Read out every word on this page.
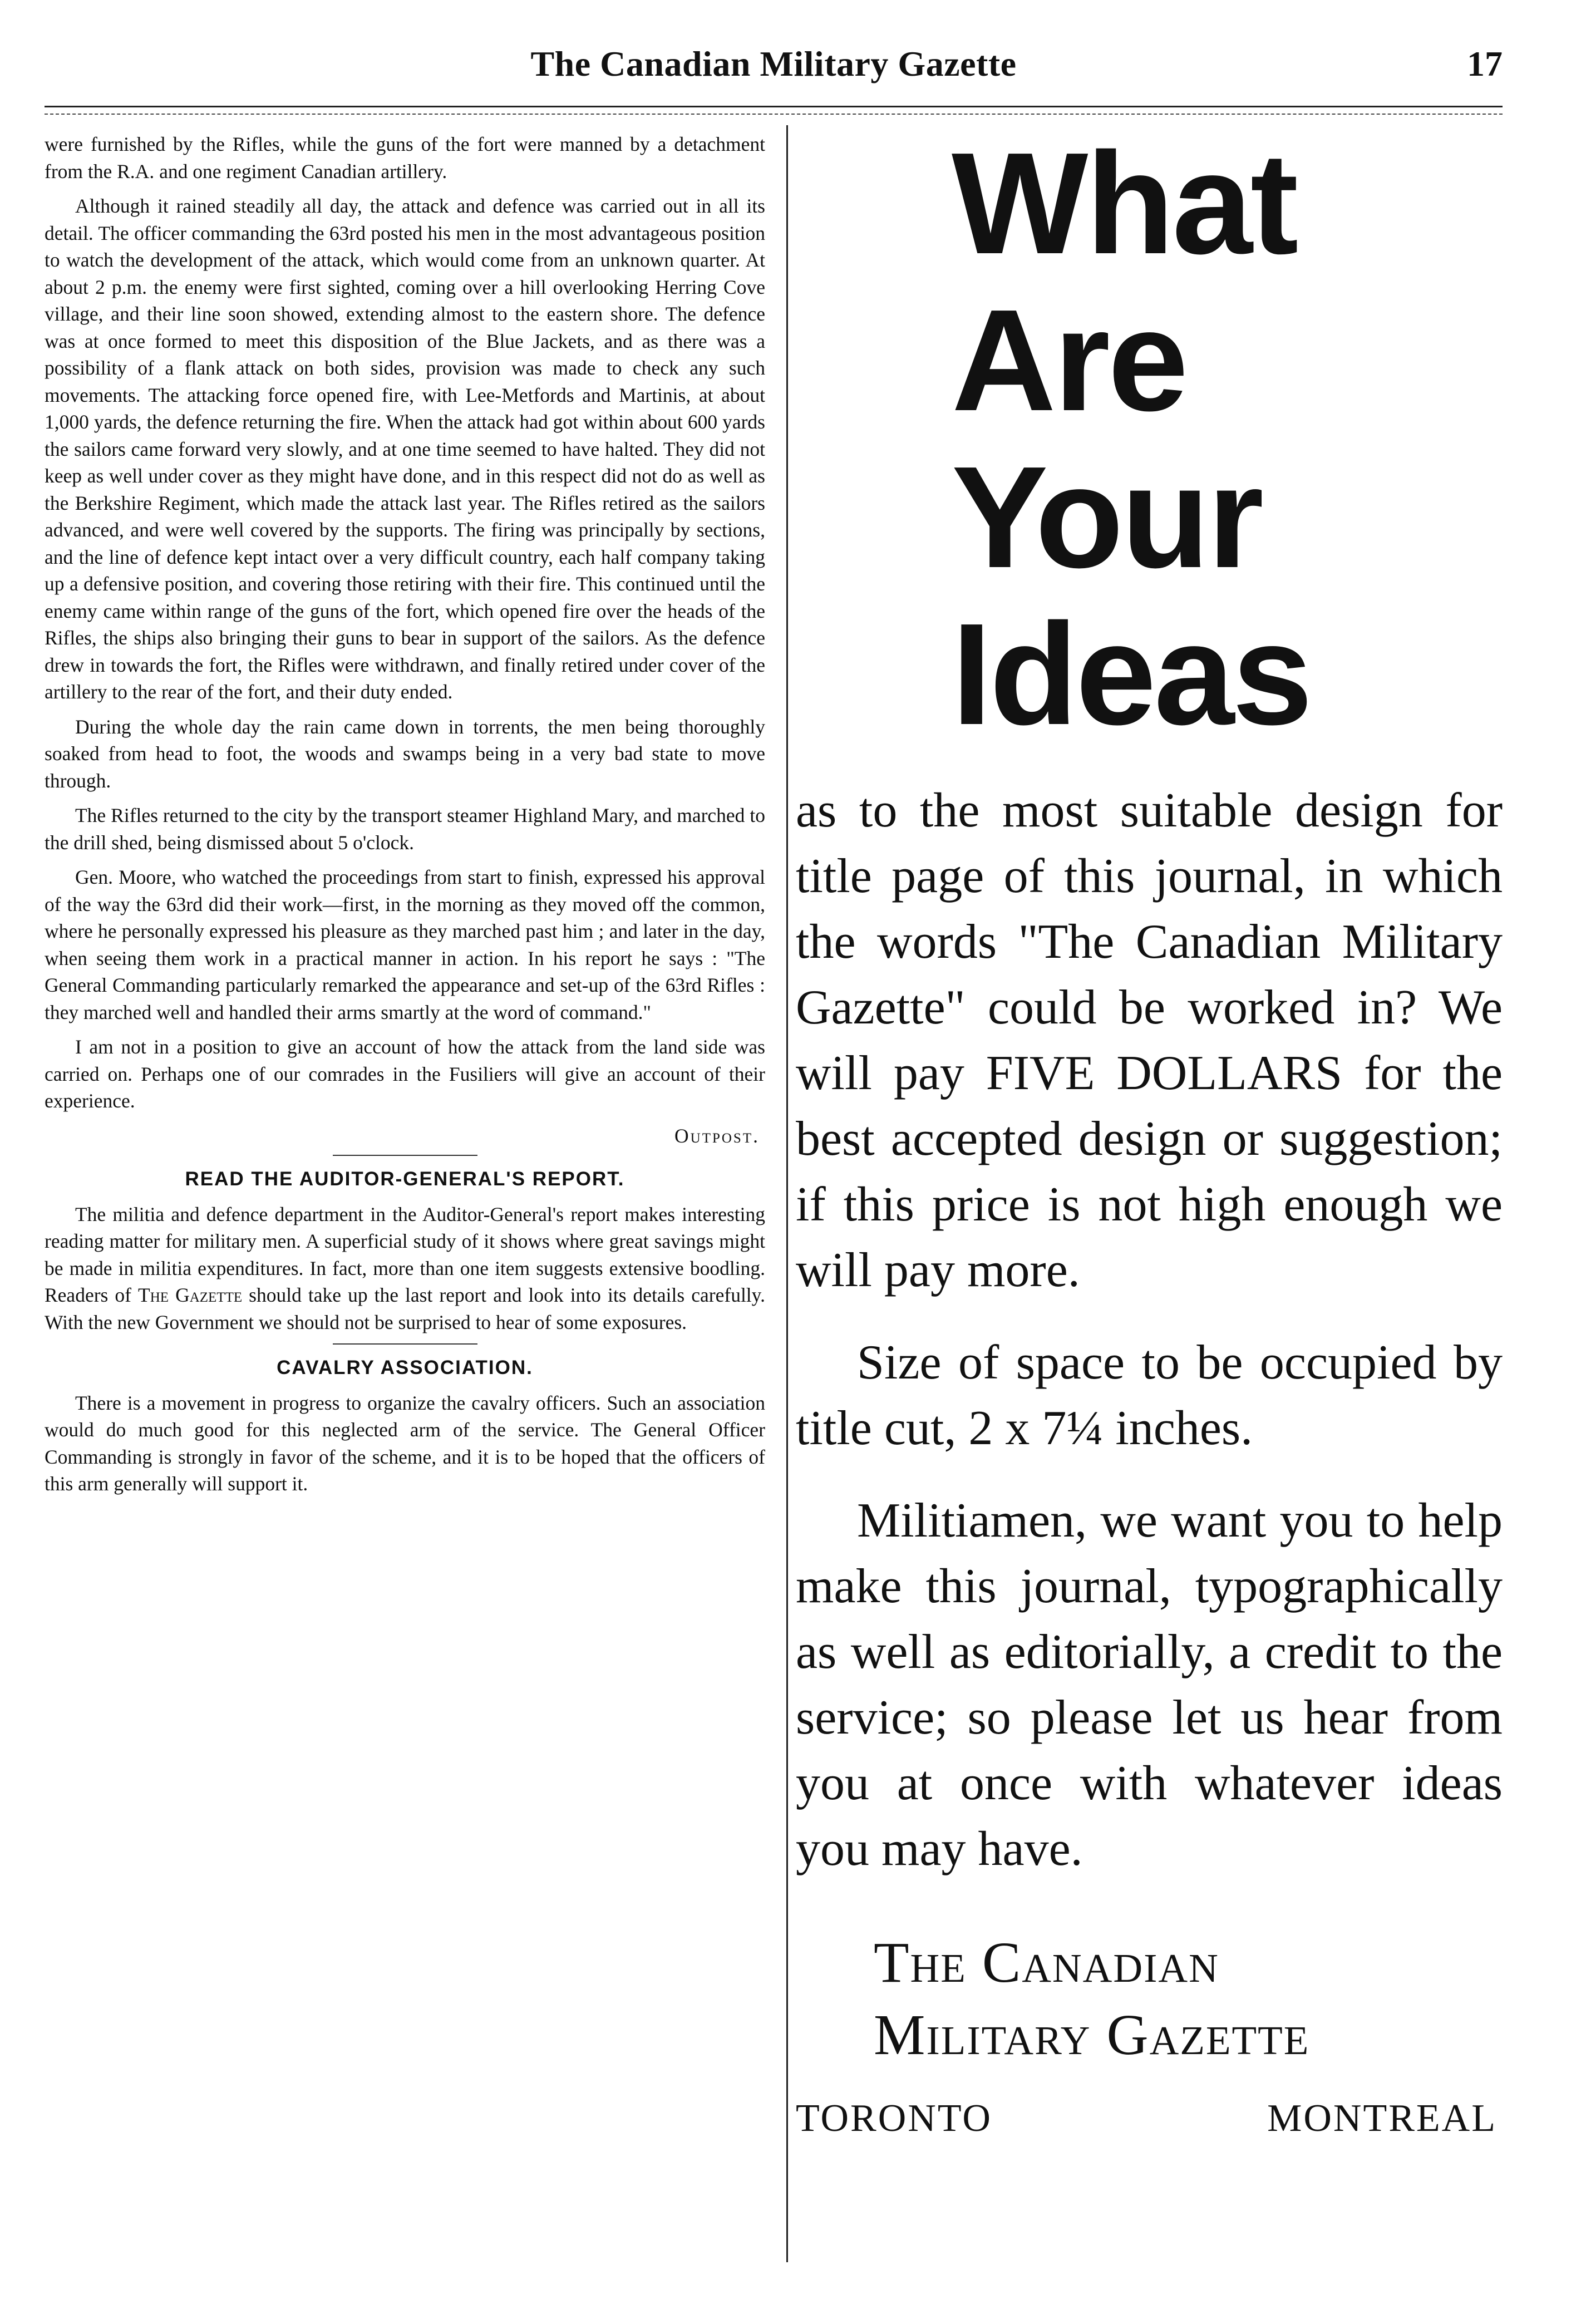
The Canadian Military Gazette	17

were furnished by the Rifles, while the guns of the fort were manned by a detachment from the R.A. and one regiment Canadian artillery.

Although it rained steadily all day, the attack and defence was carried out in all its detail. The officer commanding the 63rd posted his men in the most advantageous position to watch the development of the attack, which would come from an unknown quarter. At about 2 p.m. the enemy were first sighted, coming over a hill overlooking Herring Cove village, and their line soon showed, extending almost to the eastern shore. The defence was at once formed to meet this disposition of the Blue Jackets, and as there was a possibility of a flank attack on both sides, provision was made to check any such movements. The attacking force opened fire, with Lee-Metfords and Martinis, at about 1,000 yards, the defence returning the fire. When the attack had got within about 600 yards the sailors came forward very slowly, and at one time seemed to have halted. They did not keep as well under cover as they might have done, and in this respect did not do as well as the Berkshire Regiment, which made the attack last year. The Rifles retired as the sailors advanced, and were well covered by the supports. The firing was principally by sections, and the line of defence kept intact over a very difficult country, each half company taking up a defensive position, and covering those retiring with their fire. This continued until the enemy came within range of the guns of the fort, which opened fire over the heads of the Rifles, the ships also bringing their guns to bear in support of the sailors. As the defence drew in towards the fort, the Rifles were withdrawn, and finally retired under cover of the artillery to the rear of the fort, and their duty ended.

During the whole day the rain came down in torrents, the men being thoroughly soaked from head to foot, the woods and swamps being in a very bad state to move through.

The Rifles returned to the city by the transport steamer Highland Mary, and marched to the drill shed, being dismissed about 5 o'clock.

Gen. Moore, who watched the proceedings from start to finish, expressed his approval of the way the 63rd did their work—first, in the morning as they moved off the common, where he personally expressed his pleasure as they marched past him ; and later in the day, when seeing them work in a practical manner in action. In his report he says : "The General Commanding particularly remarked the appearance and set-up of the 63rd Rifles : they marched well and handled their arms smartly at the word of command."

I am not in a position to give an account of how the attack from the land side was carried on. Perhaps one of our comrades in the Fusiliers will give an account of their experience.

Outpost.
READ THE AUDITOR-GENERAL'S REPORT.

The militia and defence department in the Auditor-General's report makes interesting reading matter for military men. A superficial study of it shows where great savings might be made in militia expenditures. In fact, more than one item suggests extensive boodling. Readers of The Gazette should take up the last report and look into its details carefully. With the new Government we should not be surprised to hear of some exposures.

CAVALRY ASSOCIATION.

There is a movement in progress to organize the cavalry officers. Such an association would do much good for this neglected arm of the service. The General Officer Commanding is strongly in favor of the scheme, and it is to be hoped that the officers of this arm generally will support it.

What
Are
Your
Ideas

as to the most suitable design for title page of this journal, in which the words "The Canadian Military Gazette" could be worked in? We will pay FIVE DOLLARS for the best accepted design or suggestion; if this price is not high enough we will pay more.

Size of space to be occupied by title cut, 2 x 7¼ inches.

Militiamen, we want you to help make this journal, typographically as well as editorially, a credit to the service; so please let us hear from you at once with whatever ideas you may have.

The Canadian
Military Gazette
TORONTO	MONTREAL
